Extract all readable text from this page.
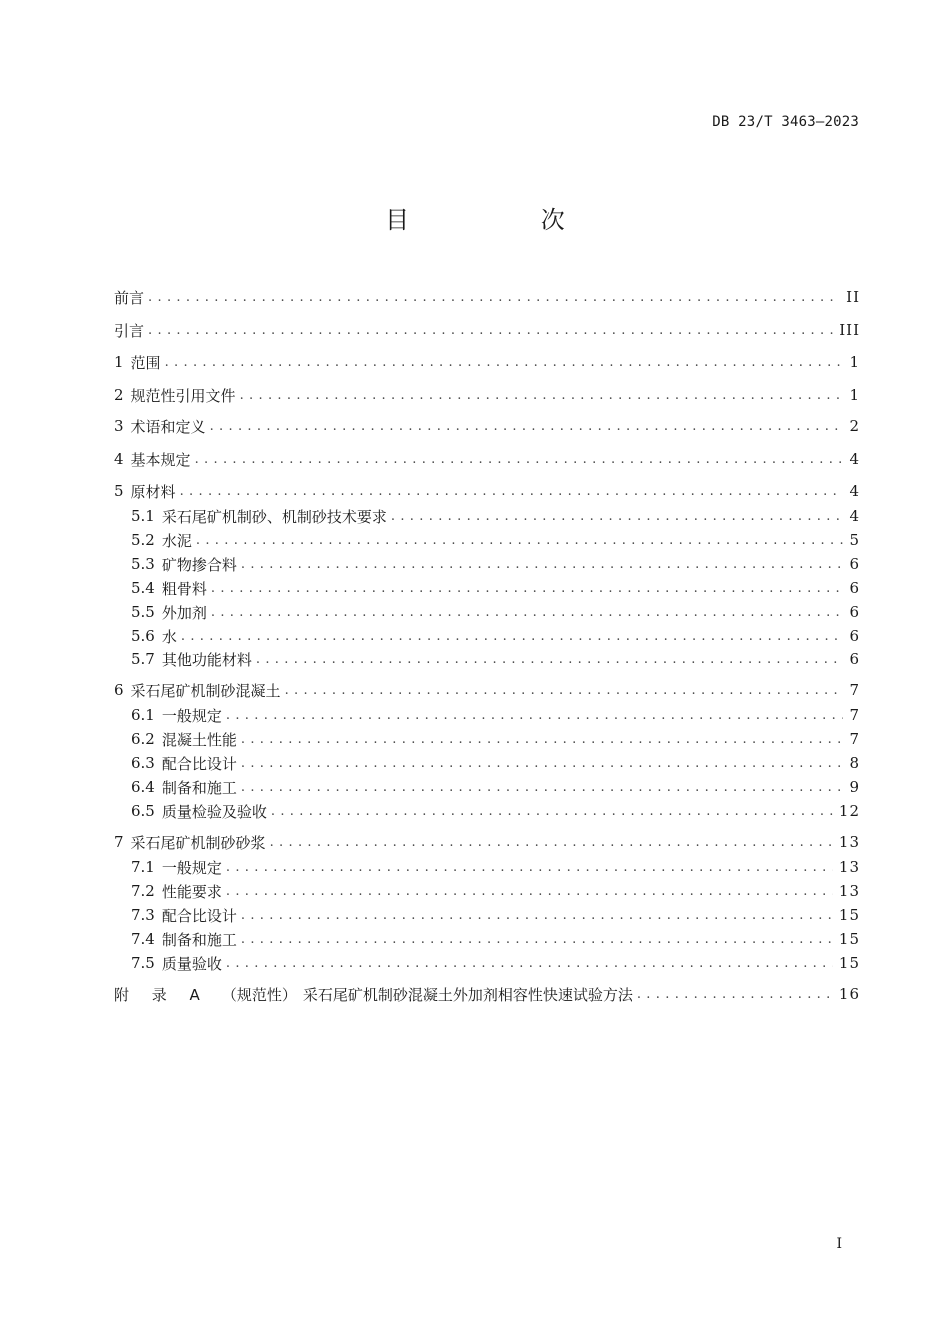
DB 23/T 3463—2023
目 次
前言 . . .	II
引言 . . .	III
1 范围 . . .	1
2 规范性引用文件 . . .	1
3 术语和定义 . . .	2
4 基本规定 . . .	4
5 原材料 . . .	4
5.1 采石尾矿机制砂、机制砂技术要求 . . .	4
5.2 水泥 . . .	5
5.3 矿物掺合料 . . .	6
5.4 粗骨料 . . .	6
5.5 外加剂 . . .	6
5.6 水 . . .	6
5.7 其他功能材料 . . .	6
6 采石尾矿机制砂混凝土 . . .	7
6.1 一般规定 . . .	7
6.2 混凝土性能 . . .	7
6.3 配合比设计 . . .	8
6.4 制备和施工 . . .	9
6.5 质量检验及验收 . . .	12
7 采石尾矿机制砂砂浆 . . .	13
7.1 一般规定 . . .	13
7.2 性能要求 . . .	13
7.3 配合比设计 . . .	15
7.4 制备和施工 . . .	15
7.5 质量验收 . . .	15
附 录 A （规范性） 采石尾矿机制砂混凝土外加剂相容性快速试验方法 . . .	16
I
